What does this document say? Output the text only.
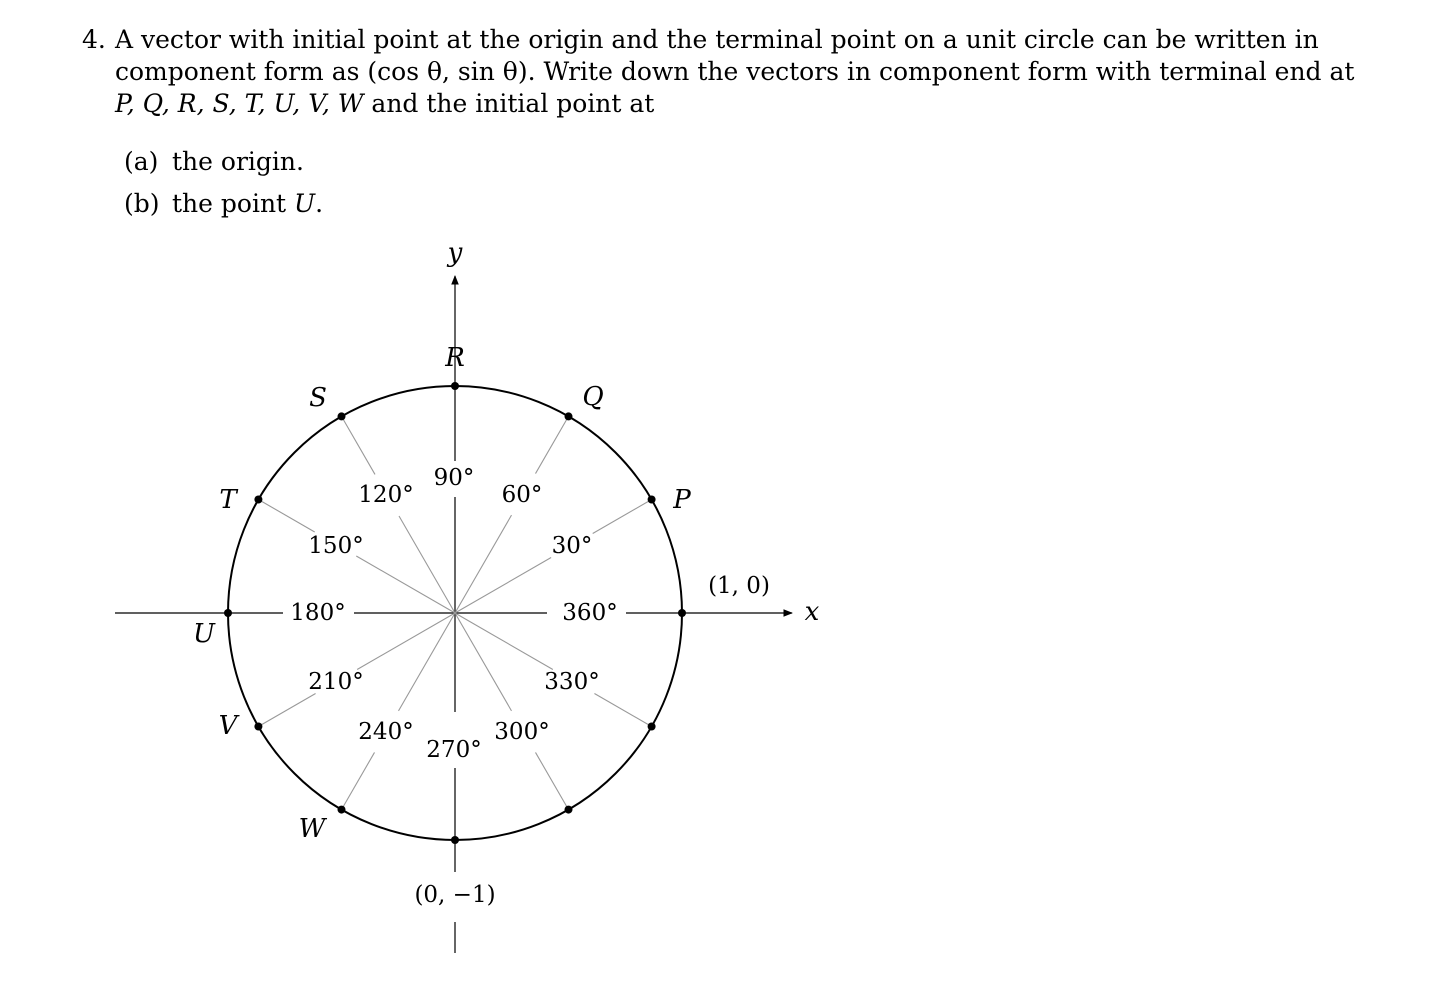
4. A vector with initial point at the origin and the terminal point on a unit circle can be written in component form as (cos θ, sin θ). Write down the vectors in component form with terminal end at P, Q, R, S, T, U, V, W and the initial point at
(a) the origin.
(b) the point U.
30°
60°
90°
120°
150°
180°
210°
240°
270°
300°
330°
360°
P
Q
R
S
T
U
V
W
y
x
(1, 0)
(0, −1)
